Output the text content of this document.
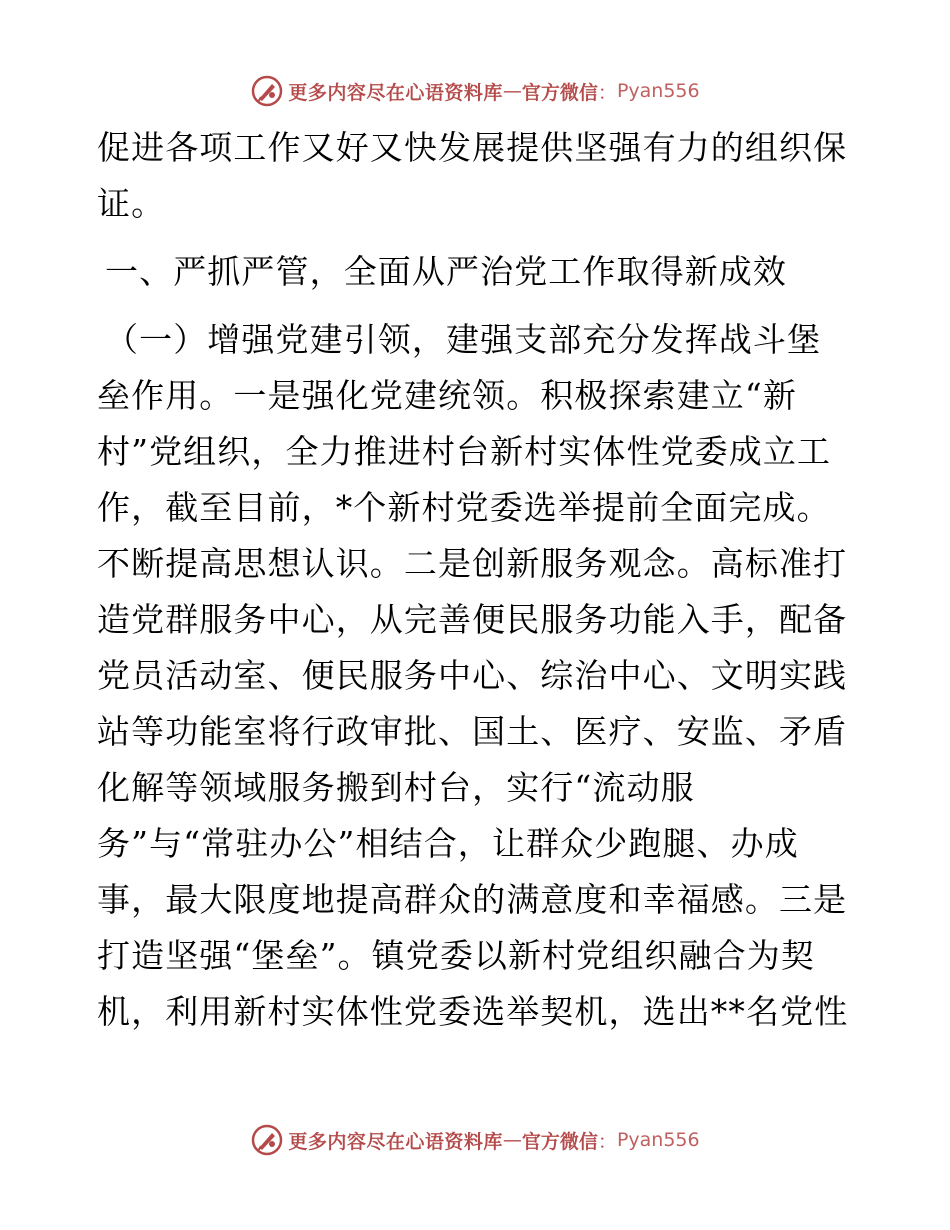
更多内容尽在心语资料库 — 官方微信 ： Pyan556
促进各项工作又好又快发展提供坚强有力的组织保
证。
一、严抓严管，全面从严治党工作取得新成效
（一）增强党建引领，建强支部充分发挥战斗堡
垒作用。一是强化党建统领。积极探索建立“新
村”党组织，全力推进村台新村实体性党委成立工
作，截至目前，*个新村党委选举提前全面完成。
不断提高思想认识。二是创新服务观念。高标准打
造党群服务中心，从完善便民服务功能入手，配备
党员活动室、便民服务中心、综治中心、文明实践
站等功能室将行政审批、国土、医疗、安监、矛盾
化解等领域服务搬到村台，实行“流动服
务”与“常驻办公”相结合，让群众少跑腿、办成
事，最大限度地提高群众的满意度和幸福感。三是
打造坚强“堡垒”。镇党委以新村党组织融合为契
机，利用新村实体性党委选举契机，选出**名党性
更多内容尽在心语资料库 — 官方微信 ： Pyan556
